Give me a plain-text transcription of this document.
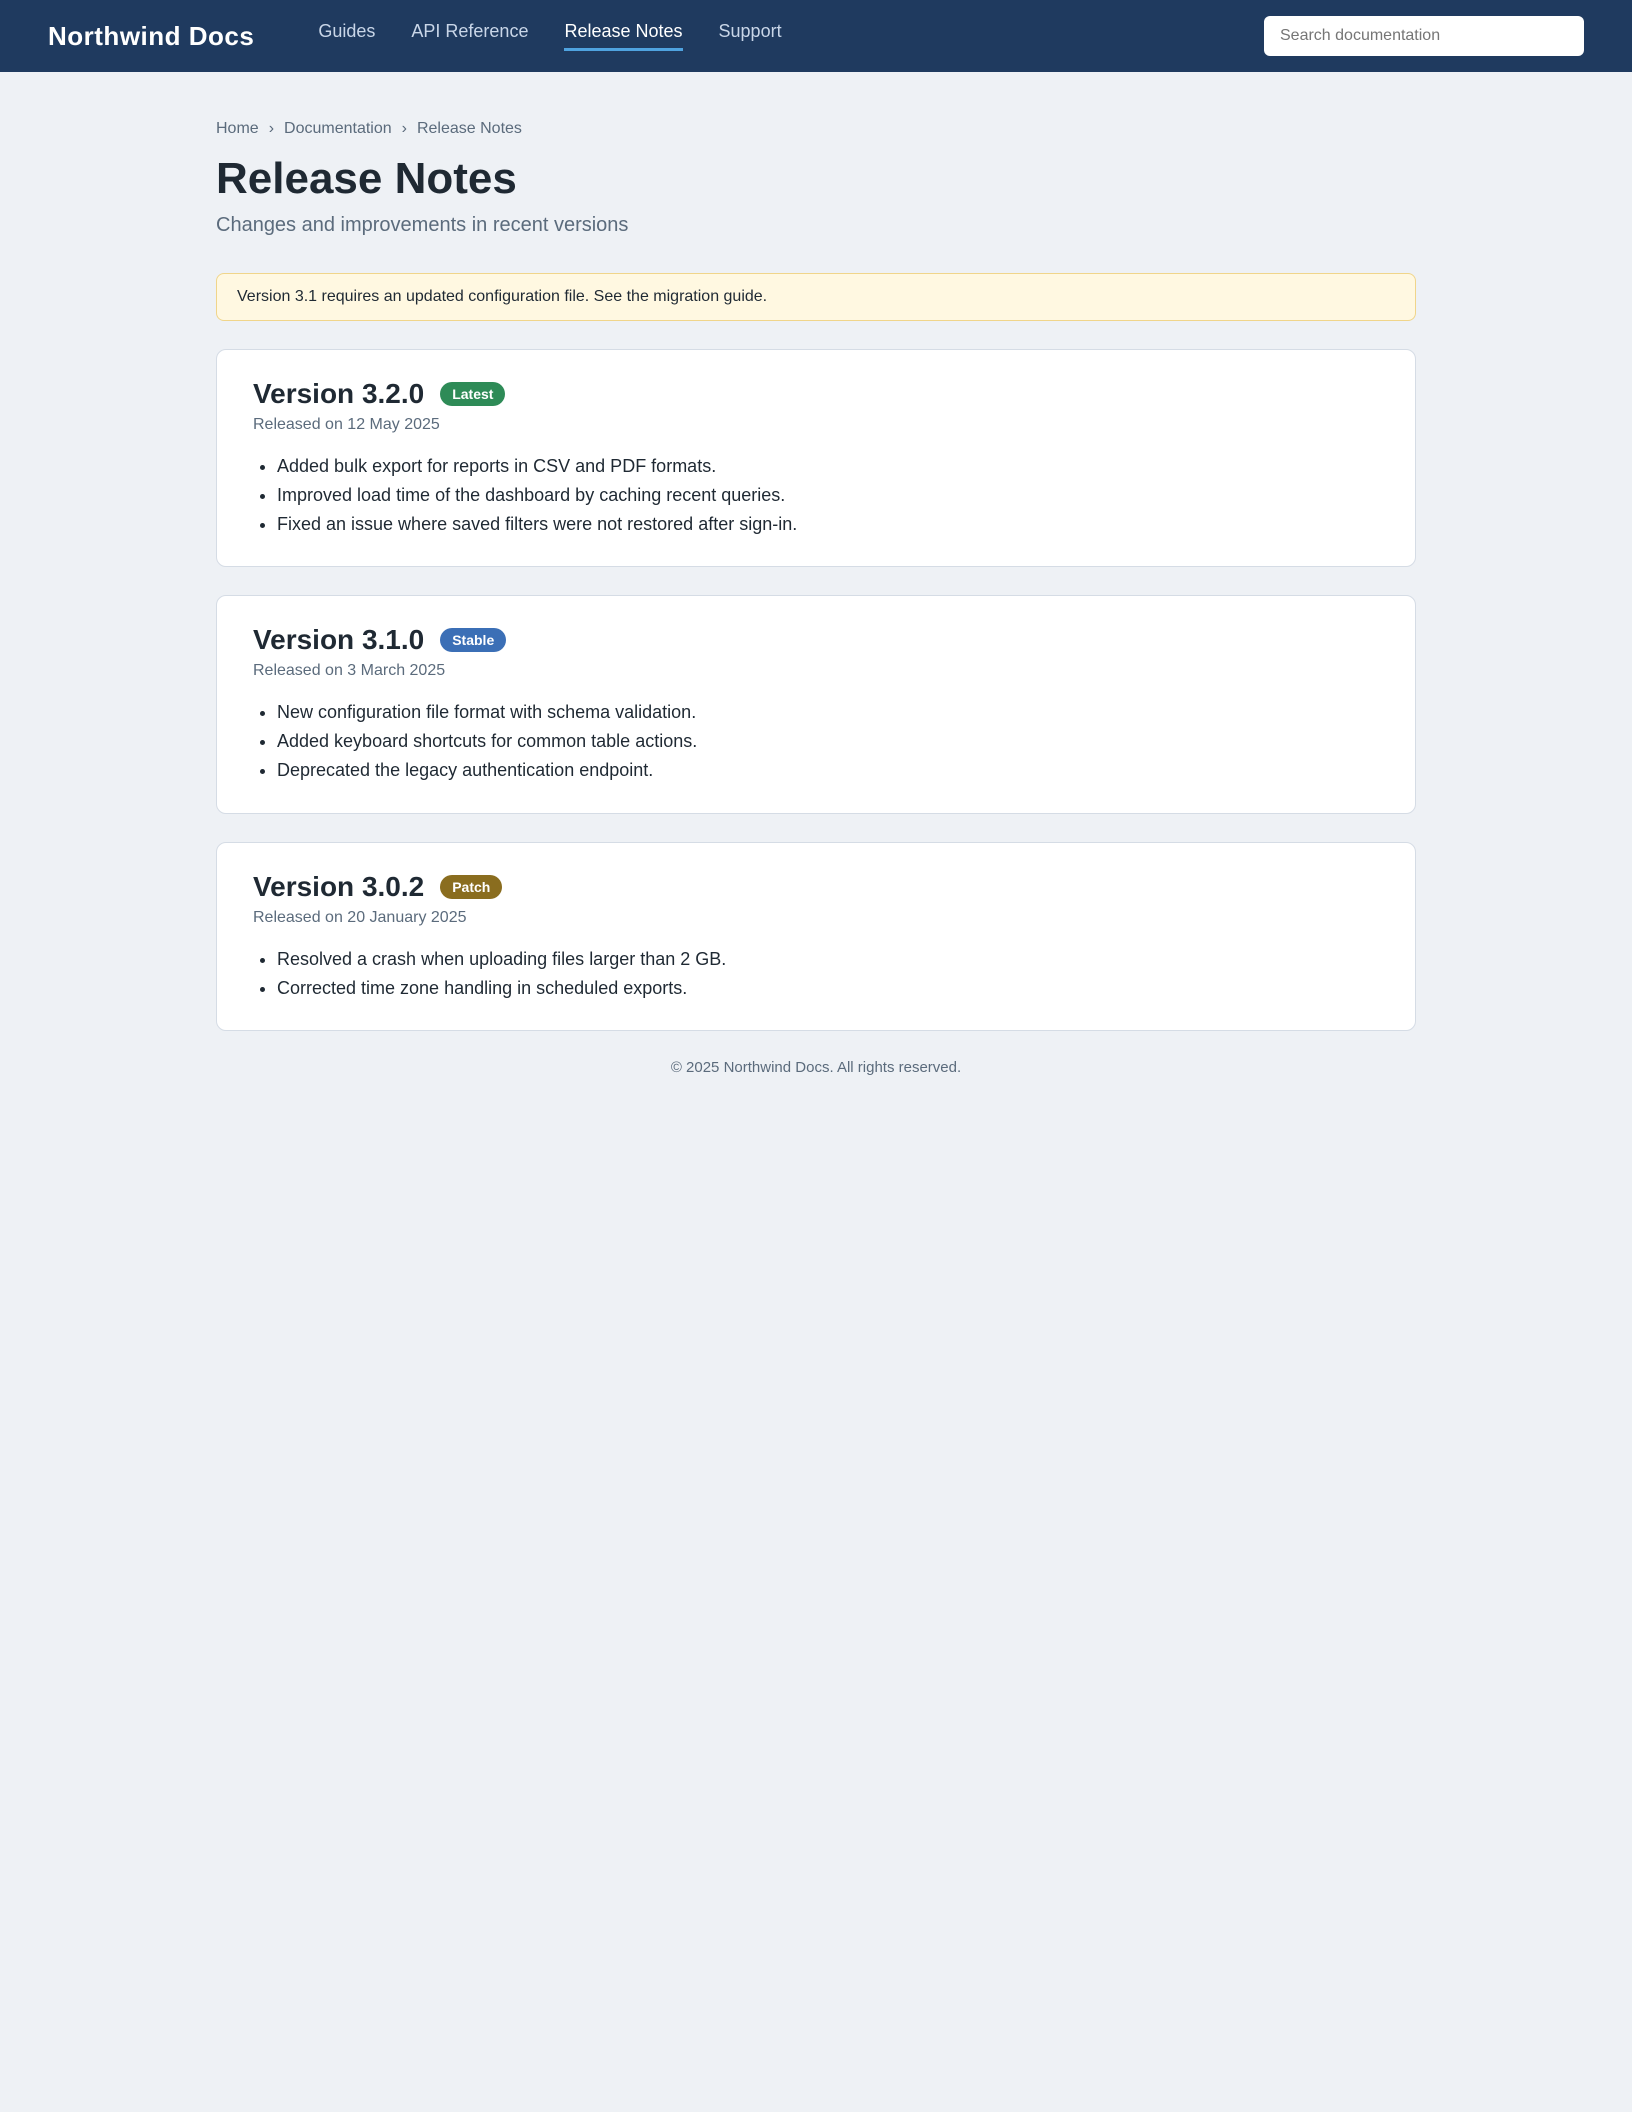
Northwind Docs	Guides API Reference Release Notes Support
Search documentation
Home › Documentation › Release Notes
Release Notes

Changes and improvements in recent versions

Version 3.1 requires an updated configuration file. See the migration guide.
Version 3.2.0	Latest
Released on 12 May 2025
• Added bulk export for reports in CSV and PDF formats.
• Improved load time of the dashboard by caching recent queries.
• Fixed an issue where saved filters were not restored after sign-in.
Version 3.1.0	Stable
Released on 3 March 2025
• New configuration file format with schema validation.
• Added keyboard shortcuts for common table actions.
• Deprecated the legacy authentication endpoint.
Version 3.0.2	Patch
Released on 20 January 2025
• Resolved a crash when uploading files larger than 2 GB.
• Corrected time zone handling in scheduled exports.
© 2025 Northwind Docs. All rights reserved.
